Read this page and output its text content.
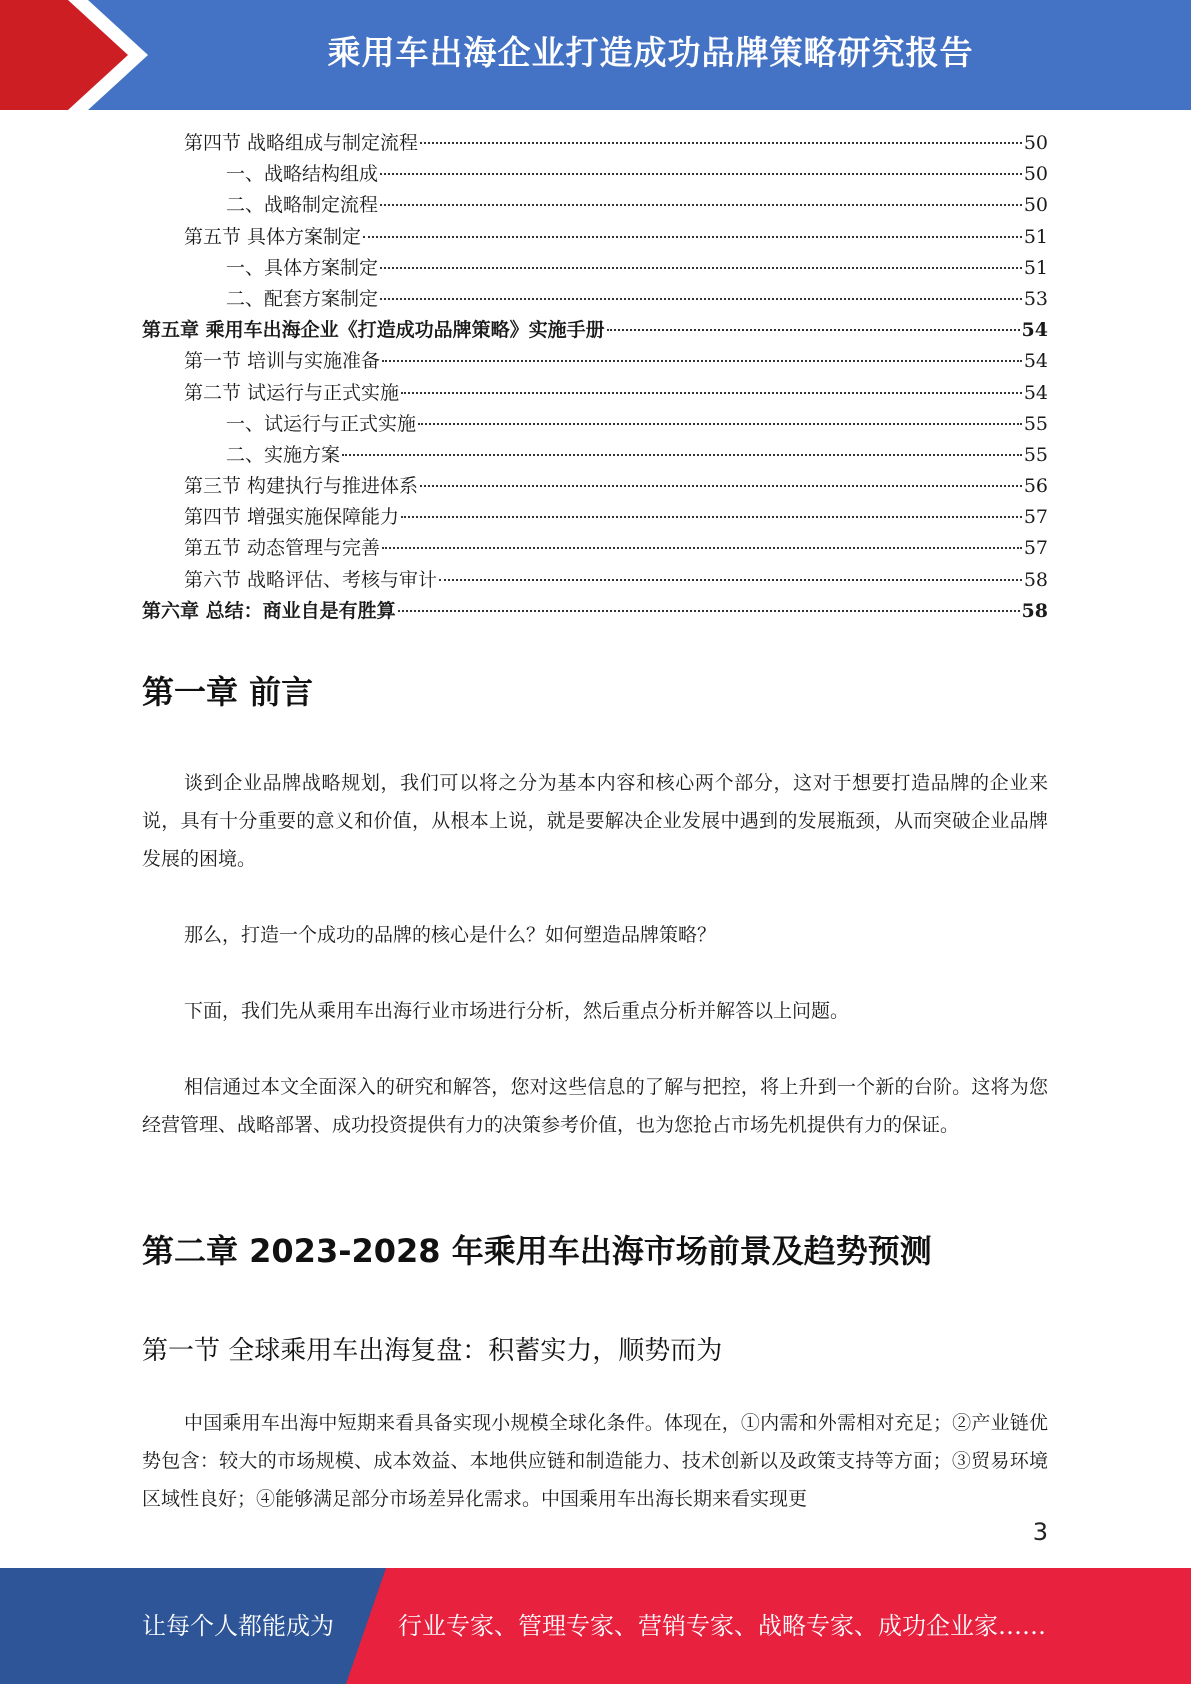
乘用车出海企业打造成功品牌策略研究报告
第四节 战略组成与制定流程	50
一、战略结构组成	50
二、战略制定流程	50
第五节 具体方案制定	51
一、具体方案制定	51
二、配套方案制定	53
第五章 乘用车出海企业《打造成功品牌策略》实施手册	54
第一节 培训与实施准备	54
第二节 试运行与正式实施	54
一、试运行与正式实施	55
二、实施方案	55
第三节 构建执行与推进体系	56
第四节 增强实施保障能力	57
第五节 动态管理与完善	57
第六节 战略评估、考核与审计	58
第六章 总结：商业自是有胜算	58
第一章 前言
谈到企业品牌战略规划，我们可以将之分为基本内容和核心两个部分，这对于想要打造品牌的企业来说，具有十分重要的意义和价值，从根本上说，就是要解决企业发展中遇到的发展瓶颈，从而突破企业品牌发展的困境。
那么，打造一个成功的品牌的核心是什么？如何塑造品牌策略？
下面，我们先从乘用车出海行业市场进行分析，然后重点分析并解答以上问题。
相信通过本文全面深入的研究和解答，您对这些信息的了解与把控，将上升到一个新的台阶。这将为您经营管理、战略部署、成功投资提供有力的决策参考价值，也为您抢占市场先机提供有力的保证。
第二章 2023-2028 年乘用车出海市场前景及趋势预测
第一节 全球乘用车出海复盘：积蓄实力，顺势而为
中国乘用车出海中短期来看具备实现小规模全球化条件。体现在，①内需和外需相对充足；②产业链优势包含：较大的市场规模、成本效益、本地供应链和制造能力、技术创新以及政策支持等方面；③贸易环境区域性良好；④能够满足部分市场差异化需求。中国乘用车出海长期来看实现更
3
让每个人都能成为	行业专家、管理专家、营销专家、战略专家、成功企业家……
